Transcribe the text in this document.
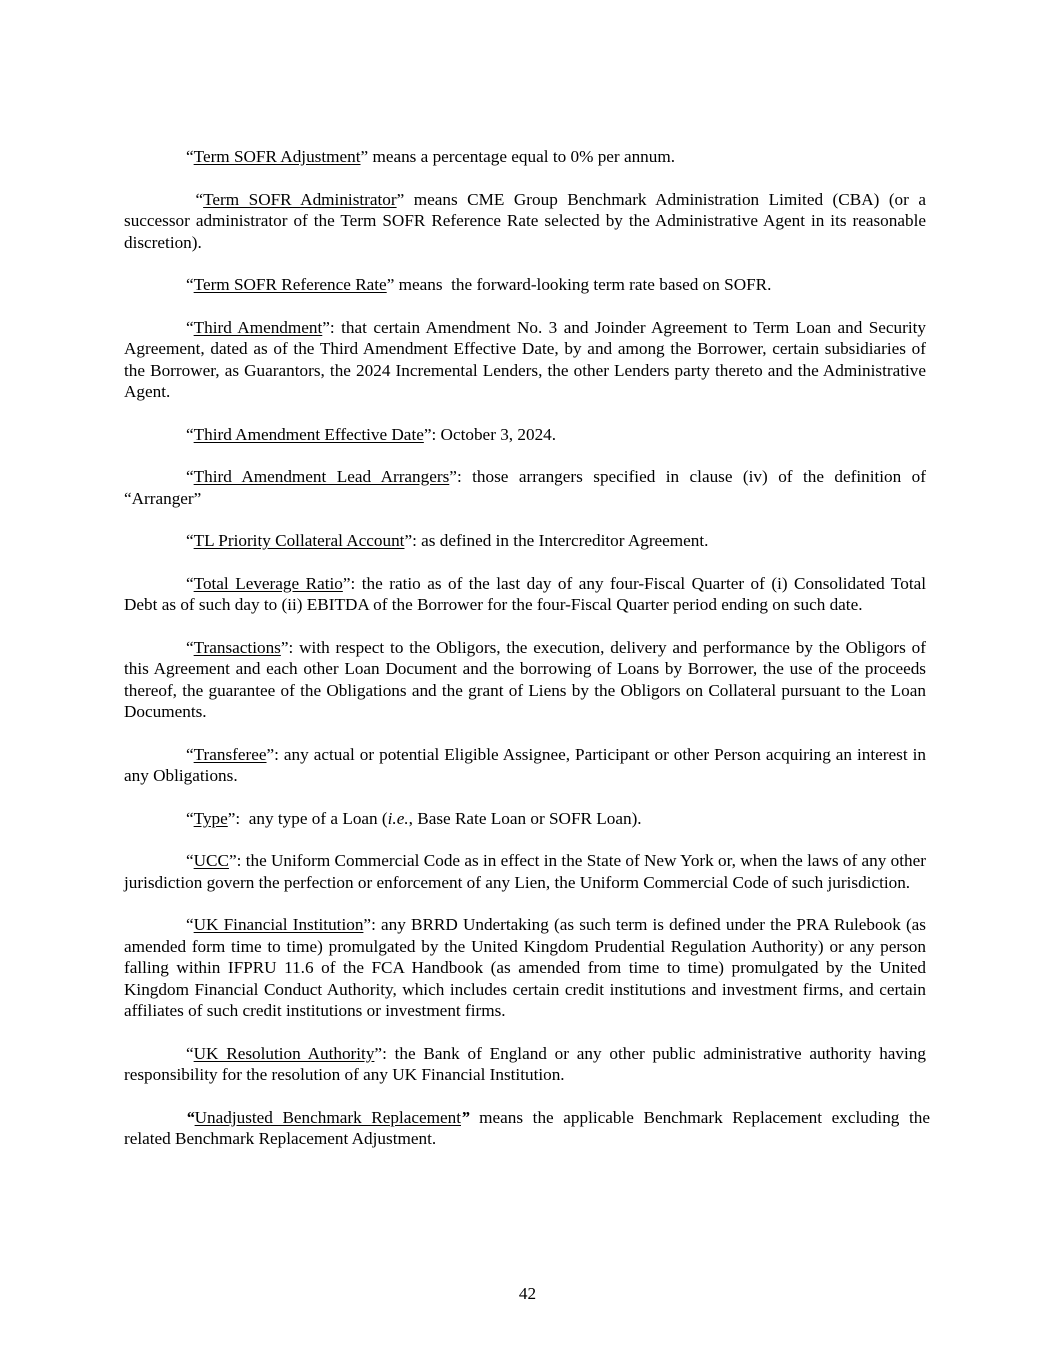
“Term SOFR Adjustment” means a percentage equal to 0% per annum.

“Term SOFR Administrator” means CME Group Benchmark Administration Limited (CBA) (or a successor administrator of the Term SOFR Reference Rate selected by the Administrative Agent in its reasonable discretion).

“Term SOFR Reference Rate” means  the forward-looking term rate based on SOFR.

“Third Amendment”: that certain Amendment No. 3 and Joinder Agreement to Term Loan and Security Agreement, dated as of the Third Amendment Effective Date, by and among the Borrower, certain subsidiaries of the Borrower, as Guarantors, the 2024 Incremental Lenders, the other Lenders party thereto and the Administrative Agent.

“Third Amendment Effective Date”: October 3, 2024.

“Third Amendment Lead Arrangers”: those arrangers specified in clause (iv) of the definition of “Arranger”

“TL Priority Collateral Account”: as defined in the Intercreditor Agreement.

“Total Leverage Ratio”: the ratio as of the last day of any four-Fiscal Quarter of (i) Consolidated Total Debt as of such day to (ii) EBITDA of the Borrower for the four-Fiscal Quarter period ending on such date.

“Transactions”: with respect to the Obligors, the execution, delivery and performance by the Obligors of this Agreement and each other Loan Document and the borrowing of Loans by Borrower, the use of the proceeds thereof, the guarantee of the Obligations and the grant of Liens by the Obligors on Collateral pursuant to the Loan Documents.

“Transferee”: any actual or potential Eligible Assignee, Participant or other Person acquiring an interest in any Obligations.

“Type”:  any type of a Loan (i.e., Base Rate Loan or SOFR Loan).

“UCC”: the Uniform Commercial Code as in effect in the State of New York or, when the laws of any other jurisdiction govern the perfection or enforcement of any Lien, the Uniform Commercial Code of such jurisdiction.

“UK Financial Institution”: any BRRD Undertaking (as such term is defined under the PRA Rulebook (as amended form time to time) promulgated by the United Kingdom Prudential Regulation Authority) or any person falling within IFPRU 11.6 of the FCA Handbook (as amended from time to time) promulgated by the United Kingdom Financial Conduct Authority, which includes certain credit institutions and investment firms, and certain affiliates of such credit institutions or investment firms.

“UK Resolution Authority”: the Bank of England or any other public administrative authority having responsibility for the resolution of any UK Financial Institution.

“Unadjusted Benchmark Replacement” means the applicable Benchmark Replacement excluding the related Benchmark Replacement Adjustment.

42
